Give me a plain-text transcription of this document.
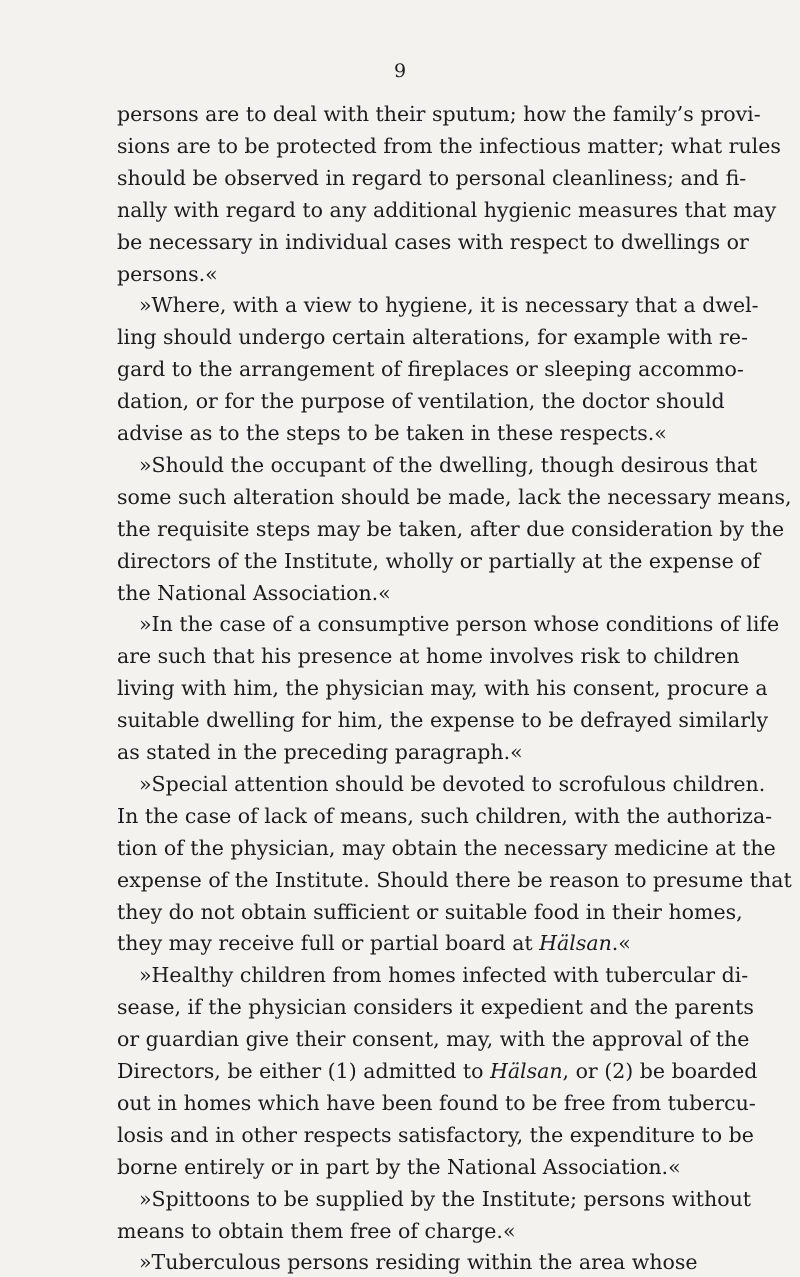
9
persons are to deal with their sputum; how the family’s provi-
sions are to be protected from the infectious matter; what rules
should be observed in regard to personal cleanliness; and fi-
nally with regard to any additional hygienic measures that may
be necessary in individual cases with respect to dwellings or
persons.«
»Where, with a view to hygiene, it is necessary that a dwel-
ling should undergo certain alterations, for example with re-
gard to the arrangement of fireplaces or sleeping accommo-
dation, or for the purpose of ventilation, the doctor should
advise as to the steps to be taken in these respects.«
»Should the occupant of the dwelling, though desirous that
some such alteration should be made, lack the necessary means,
the requisite steps may be taken, after due consideration by the
directors of the Institute, wholly or partially at the expense of
the National Association.«
»In the case of a consumptive person whose conditions of life
are such that his presence at home involves risk to children
living with him, the physician may, with his consent, procure a
suitable dwelling for him, the expense to be defrayed similarly
as stated in the preceding paragraph.«
»Special attention should be devoted to scrofulous children.
In the case of lack of means, such children, with the authoriza-
tion of the physician, may obtain the necessary medicine at the
expense of the Institute. Should there be reason to presume that
they do not obtain sufficient or suitable food in their homes,
they may receive full or partial board at Hälsan.«
»Healthy children from homes infected with tubercular di-
sease, if the physician considers it expedient and the parents
or guardian give their consent, may, with the approval of the
Directors, be either (1) admitted to Hälsan, or (2) be boarded
out in homes which have been found to be free from tubercu-
losis and in other respects satisfactory, the expenditure to be
borne entirely or in part by the National Association.«
»Spittoons to be supplied by the Institute; persons without
means to obtain them free of charge.«
»Tuberculous persons residing within the area whose
